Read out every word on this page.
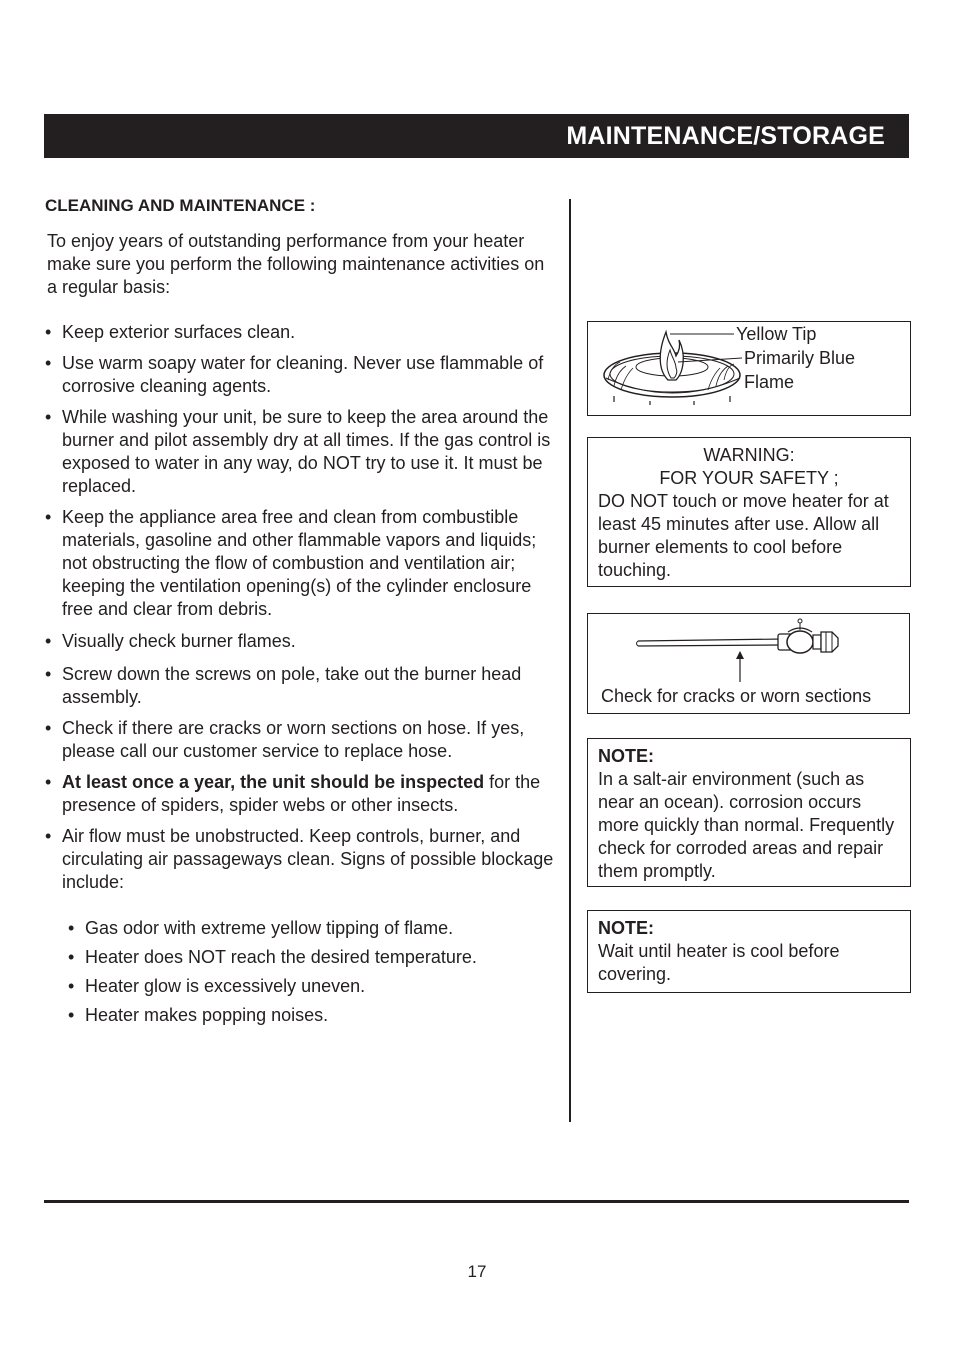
MAINTENANCE/STORAGE
CLEANING AND MAINTENANCE :
To enjoy years of outstanding performance from your heater make sure you perform the following maintenance activities on a regular basis:
• Keep exterior surfaces clean.
• Use warm soapy water for cleaning. Never use flammable of corrosive cleaning agents.
• While washing your unit, be sure to keep the area around the burner and pilot assembly dry at all times. If the gas control is exposed to water in any way, do NOT try to use it. It must be replaced.
• Keep the appliance area free and clean from combustible materials, gasoline and other flammable vapors and liquids; not obstructing the flow of combustion and ventilation air; keeping the ventilation opening(s) of the cylinder enclosure free and clear from debris.
• Visually check burner flames.
• Screw down the screws on pole, take out the burner head assembly.
• Check if there are cracks or worn sections on hose. If yes, please call our customer service to replace hose.
• At least once a year, the unit should be inspected for the presence of spiders, spider webs or other insects.
• Air flow must be unobstructed. Keep controls, burner, and circulating air passageways clean. Signs of possible blockage include:
• Gas odor with extreme yellow tipping of flame.
• Heater does NOT reach the desired temperature.
• Heater glow is excessively uneven.
• Heater makes popping noises.
Yellow Tip
Primarily Blue
Flame
WARNING:
FOR YOUR SAFETY ;
DO NOT touch or move heater for at least 45 minutes after use. Allow all burner elements to cool before touching.
Check for cracks or worn sections
NOTE:
In a salt-air environment (such as near an ocean). corrosion occurs more quickly than normal. Frequently check for corroded areas and repair them promptly.
NOTE:
Wait until heater is cool before covering.
17
